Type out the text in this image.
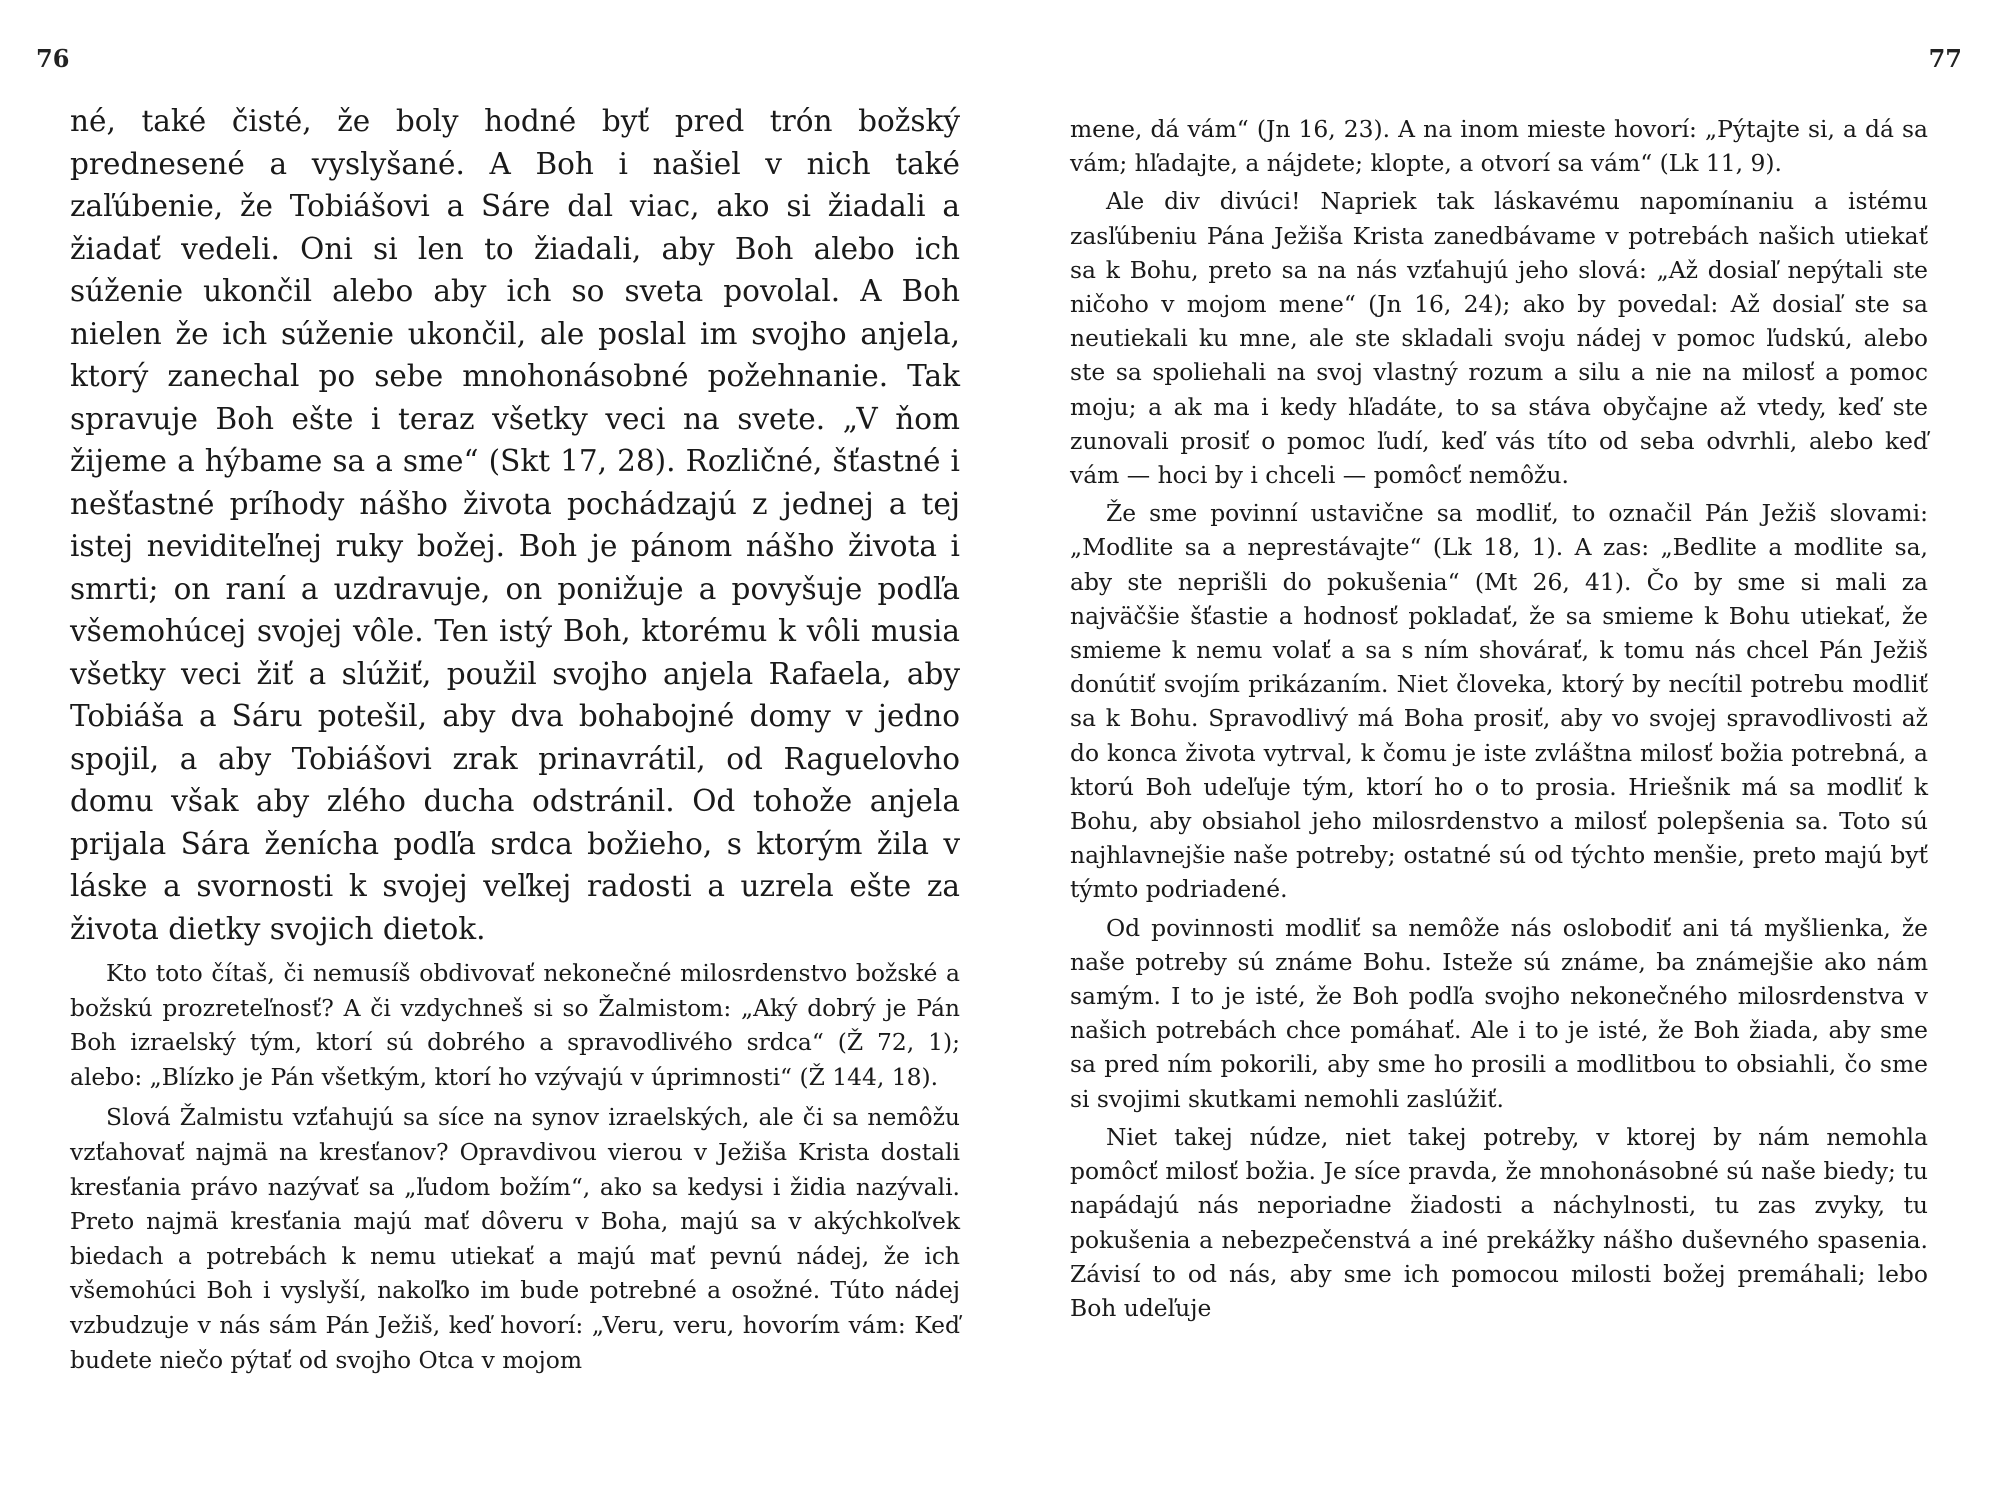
76

né, také čisté, že boly hodné byť pred trón božský prednesené a vyslyšané. A Boh i našiel v nich také zaľúbenie, že Tobiášovi a Sáre dal viac, ako si žiadali a žiadať vedeli. Oni si len to žiadali, aby Boh alebo ich súženie ukončil alebo aby ich so sveta povolal. A Boh nielen že ich súženie ukončil, ale poslal im svojho anjela, ktorý zanechal po sebe mnohonásobné požehnanie. Tak spravuje Boh ešte i teraz všetky veci na svete. „V ňom žijeme a hýbame sa a sme“ (Skt 17, 28). Rozličné, šťastné i nešťastné príhody nášho života pochádzajú z jednej a tej istej neviditeľnej ruky božej. Boh je pánom nášho života i smrti; on raní a uzdravuje, on ponižuje a povyšuje podľa všemohúcej svojej vôle. Ten istý Boh, ktorému k vôli musia všetky veci žiť a slúžiť, použil svojho anjela Rafaela, aby Tobiáša a Sáru potešil, aby dva bohabojné domy v jedno spojil, a aby Tobiášovi zrak prinavrátil, od Raguelovho domu však aby zlého ducha odstránil. Od tohože anjela prijala Sára ženícha podľa srdca božieho, s ktorým žila v láske a svornosti k svojej veľkej radosti a uzrela ešte za života dietky svojich dietok.

Kto toto čítaš, či nemusíš obdivovať nekonečné milosrdenstvo božské a božskú prozreteľnosť? A či vzdychneš si so Žalmistom: „Aký dobrý je Pán Boh izraelský tým, ktorí sú dobrého a spravodlivého srdca“ (Ž 72, 1); alebo: „Blízko je Pán všetkým, ktorí ho vzývajú v úprimnosti“ (Ž 144, 18).

Slová Žalmistu vzťahujú sa síce na synov izraelských, ale či sa nemôžu vzťahovať najmä na kresťanov? Opravdivou vierou v Ježiša Krista dostali kresťania právo nazývať sa „ľudom božím“, ako sa kedysi i židia nazývali. Preto najmä kresťania majú mať dôveru v Boha, majú sa v akýchkoľvek biedach a potrebách k nemu utiekať a majú mať pevnú nádej, že ich všemohúci Boh i vyslyší, nakoľko im bude potrebné a osožné. Túto nádej vzbudzuje v nás sám Pán Ježiš, keď hovorí: „Veru, veru, hovorím vám: Keď budete niečo pýtať od svojho Otca v mojom

77

mene, dá vám“ (Jn 16, 23). A na inom mieste hovorí: „Pýtajte si, a dá sa vám; hľadajte, a nájdete; klopte, a otvorí sa vám“ (Lk 11, 9).

Ale div divúci! Napriek tak láskavému napomínaniu a istému zasľúbeniu Pána Ježiša Krista zanedbávame v potrebách našich utiekať sa k Bohu, preto sa na nás vzťahujú jeho slová: „Až dosiaľ nepýtali ste ničoho v mojom mene“ (Jn 16, 24); ako by povedal: Až dosiaľ ste sa neutiekali ku mne, ale ste skladali svoju nádej v pomoc ľudskú, alebo ste sa spoliehali na svoj vlastný rozum a silu a nie na milosť a pomoc moju; a ak ma i kedy hľadáte, to sa stáva obyčajne až vtedy, keď ste zunovali prosiť o pomoc ľudí, keď vás títo od seba odvrhli, alebo keď vám — hoci by i chceli — pomôcť nemôžu.

Že sme povinní ustavične sa modliť, to označil Pán Ježiš slovami: „Modlite sa a neprestávajte“ (Lk 18, 1). A zas: „Bedlite a modlite sa, aby ste neprišli do pokušenia“ (Mt 26, 41). Čo by sme si mali za najväčšie šťastie a hodnosť pokladať, že sa smieme k Bohu utiekať, že smieme k nemu volať a sa s ním shovárať, k tomu nás chcel Pán Ježiš donútiť svojím prikázaním. Niet človeka, ktorý by necítil potrebu modliť sa k Bohu. Spravodlivý má Boha prosiť, aby vo svojej spravodlivosti až do konca života vytrval, k čomu je iste zvláštna milosť božia potrebná, a ktorú Boh udeľuje tým, ktorí ho o to prosia. Hriešnik má sa modliť k Bohu, aby obsiahol jeho milosrdenstvo a milosť polepšenia sa. Toto sú najhlavnejšie naše potreby; ostatné sú od týchto menšie, preto majú byť týmto podriadené.

Od povinnosti modliť sa nemôže nás oslobodiť ani tá myšlienka, že naše potreby sú známe Bohu. Isteže sú známe, ba známejšie ako nám samým. I to je isté, že Boh podľa svojho nekonečného milosrdenstva v našich potrebách chce pomáhať. Ale i to je isté, že Boh žiada, aby sme sa pred ním pokorili, aby sme ho prosili a modlitbou to obsiahli, čo sme si svojimi skutkami nemohli zaslúžiť.

Niet takej núdze, niet takej potreby, v ktorej by nám nemohla pomôcť milosť božia. Je síce pravda, že mnohonásobné sú naše biedy; tu napádajú nás neporiadne žiadosti a náchylnosti, tu zas zvyky, tu pokušenia a nebezpečenstvá a iné prekážky nášho duševného spasenia. Závisí to od nás, aby sme ich pomocou milosti božej premáhali; lebo Boh udeľuje
